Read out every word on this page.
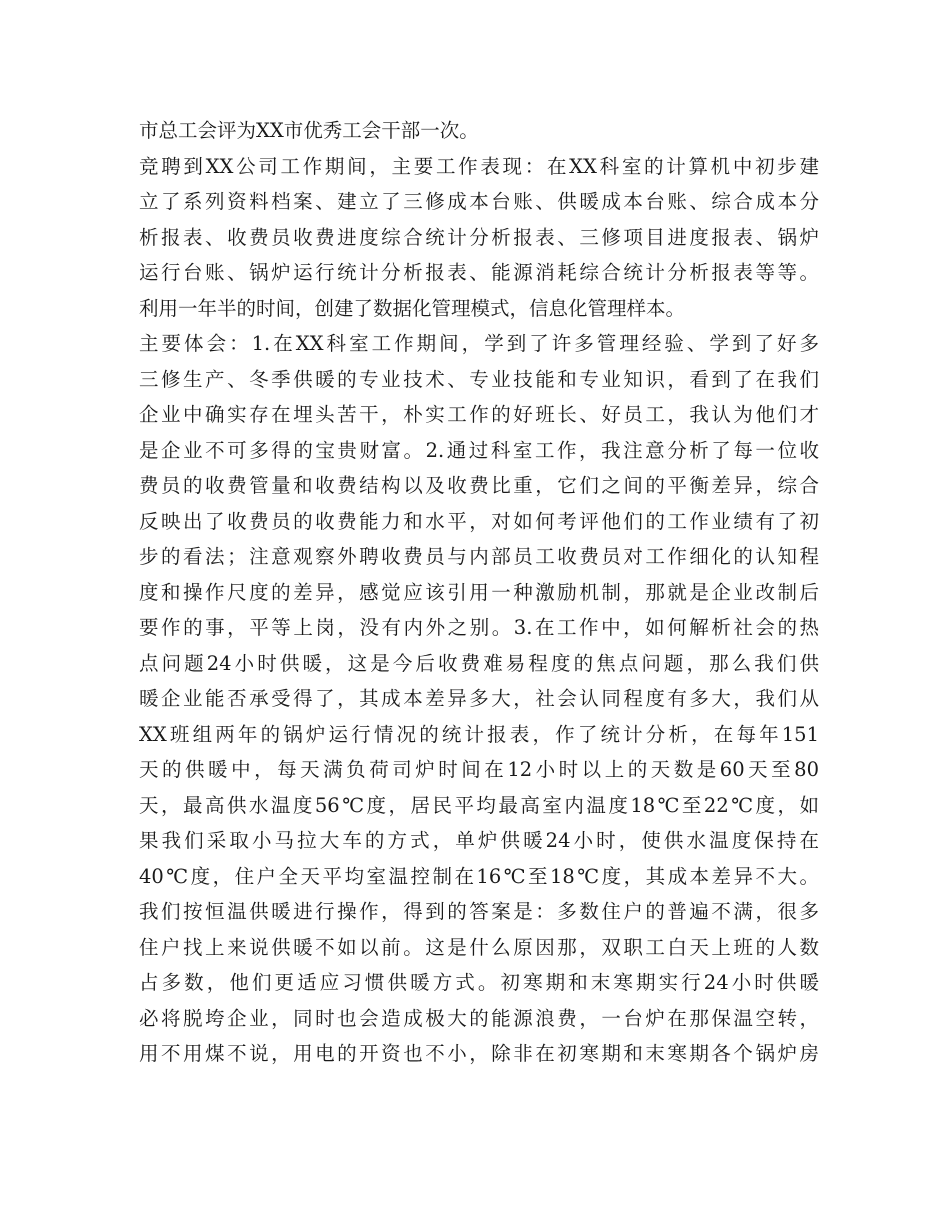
市总工会评为XX市优秀工会干部一次。
竞聘到XX公司工作期间，主要工作表现：在XX科室的计算机中初步建
立了系列资料档案、建立了三修成本台账、供暖成本台账、综合成本分
析报表、收费员收费进度综合统计分析报表、三修项目进度报表、锅炉
运行台账、锅炉运行统计分析报表、能源消耗综合统计分析报表等等。
利用一年半的时间，创建了数据化管理模式，信息化管理样本。
主要体会：1.在XX科室工作期间，学到了许多管理经验、学到了好多
三修生产、冬季供暖的专业技术、专业技能和专业知识，看到了在我们
企业中确实存在埋头苦干，朴实工作的好班长、好员工，我认为他们才
是企业不可多得的宝贵财富。2.通过科室工作，我注意分析了每一位收
费员的收费管量和收费结构以及收费比重，它们之间的平衡差异，综合
反映出了收费员的收费能力和水平，对如何考评他们的工作业绩有了初
步的看法；注意观察外聘收费员与内部员工收费员对工作细化的认知程
度和操作尺度的差异，感觉应该引用一种激励机制，那就是企业改制后
要作的事，平等上岗，没有内外之别。3.在工作中，如何解析社会的热
点问题24小时供暖，这是今后收费难易程度的焦点问题，那么我们供
暖企业能否承受得了，其成本差异多大，社会认同程度有多大，我们从
XX班组两年的锅炉运行情况的统计报表，作了统计分析，在每年151
天的供暖中，每天满负荷司炉时间在12小时以上的天数是60天至80
天，最高供水温度56℃度，居民平均最高室内温度18℃至22℃度，如
果我们采取小马拉大车的方式，单炉供暖24小时，使供水温度保持在
40℃度，住户全天平均室温控制在16℃至18℃度，其成本差异不大。
我们按恒温供暖进行操作，得到的答案是：多数住户的普遍不满，很多
住户找上来说供暖不如以前。这是什么原因那，双职工白天上班的人数
占多数，他们更适应习惯供暖方式。初寒期和末寒期实行24小时供暖
必将脱垮企业，同时也会造成极大的能源浪费，一台炉在那保温空转，
用不用煤不说，用电的开资也不小，除非在初寒期和末寒期各个锅炉房
